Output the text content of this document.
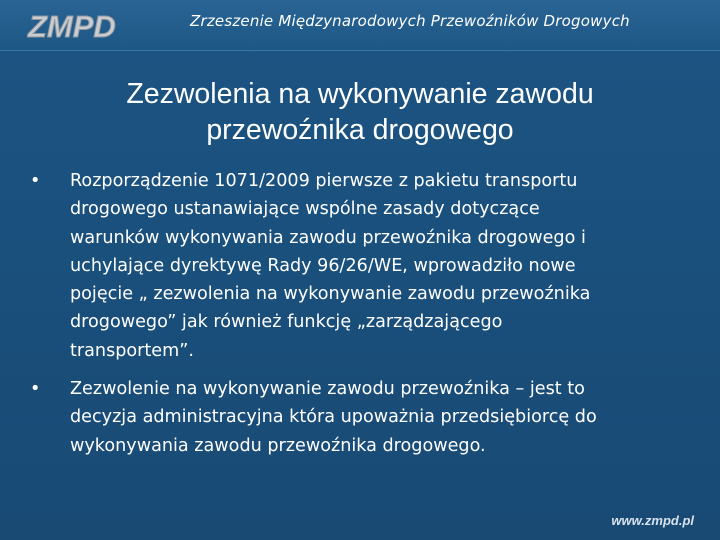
ZMPD	Zrzeszenie Międzynarodowych Przewoźników Drogowych
Zezwolenia na wykonywanie zawodu
przewoźnika drogowego
•	Rozporządzenie 1071/2009 pierwsze z pakietu transportu
drogowego ustanawiające wspólne zasady dotyczące
warunków wykonywania zawodu przewoźnika drogowego i
uchylające dyrektywę Rady 96/26/WE, wprowadziło nowe
pojęcie „ zezwolenia na wykonywanie zawodu przewoźnika
drogowego” jak również funkcję „zarządzającego
transportem”.
•	Zezwolenie na wykonywanie zawodu przewoźnika – jest to
decyzja administracyjna która upoważnia przedsiębiorcę do
wykonywania zawodu przewoźnika drogowego.
www.zmpd.pl
